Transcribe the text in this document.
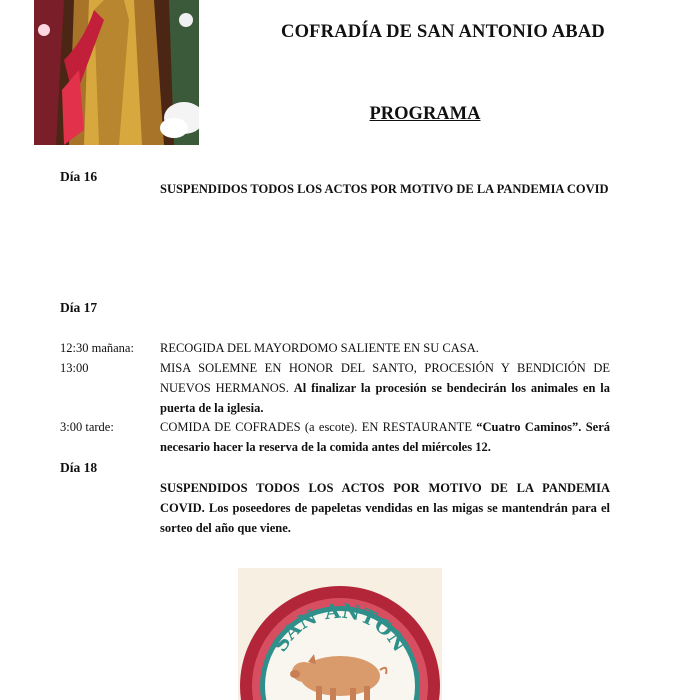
COFRADÍA DE SAN ANTONIO ABAD
PROGRAMA
Día 16
SUSPENDIDOS TODOS LOS ACTOS POR MOTIVO DE LA PANDEMIA COVID
Día 17
12:30 mañana: RECOGIDA DEL MAYORDOMO SALIENTE EN SU CASA.
13:00	MISA SOLEMNE EN HONOR DEL SANTO, PROCESIÓN Y BENDICIÓN DE NUEVOS HERMANOS. Al finalizar la procesión se bendecirán los animales en la puerta de la iglesia.
3:00 tarde:	COMIDA DE COFRADES (a escote). EN RESTAURANTE “Cuatro Caminos”. Será necesario hacer la reserva de la comida antes del miércoles 12.
Día 18
SUSPENDIDOS TODOS LOS ACTOS POR MOTIVO DE LA PANDEMIA COVID. Los poseedores de papeletas vendidas en las migas se mantendrán para el sorteo del año que viene.
SAN ANTON
